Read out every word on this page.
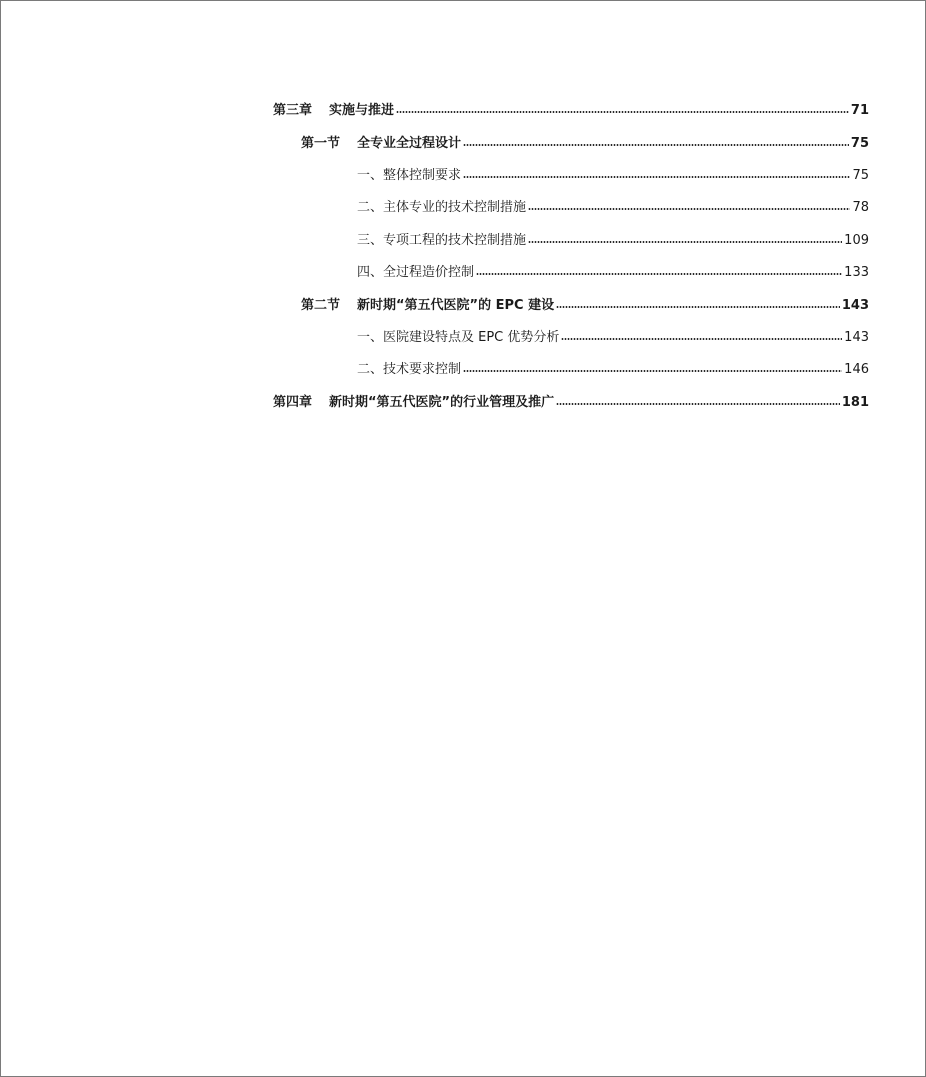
第三章	实施与推进	71
第一节	全专业全过程设计	75
一、整体控制要求	75
二、主体专业的技术控制措施	78
三、专项工程的技术控制措施	109
四、全过程造价控制	133
第二节	新时期“第五代医院”的 EPC 建设	143
一、医院建设特点及 EPC 优势分析	143
二、技术要求控制	146
第四章	新时期“第五代医院”的行业管理及推广	181
